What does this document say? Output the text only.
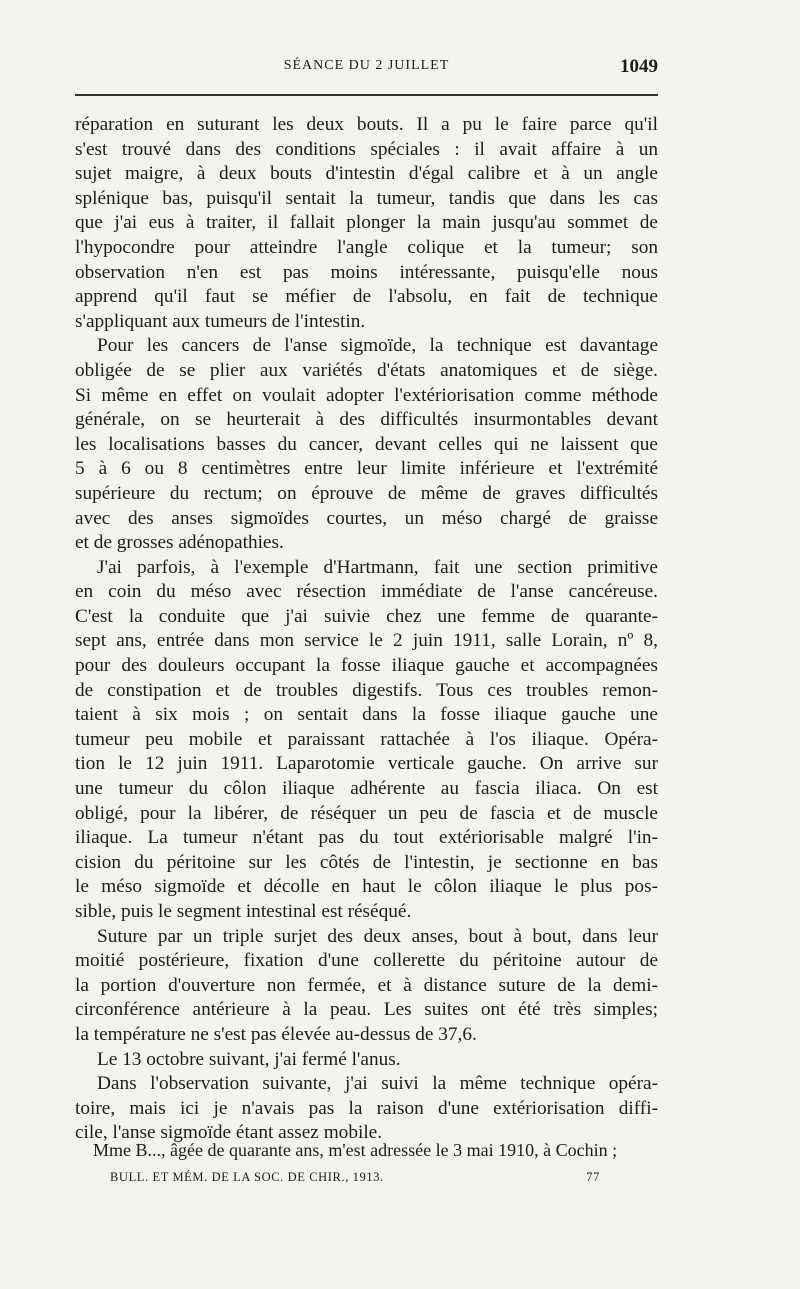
SÉANCE DU 2 JUILLET	1049

réparation en suturant les deux bouts. Il a pu le faire parce qu'il

s'est trouvé dans des conditions spéciales : il avait affaire à un

sujet maigre, à deux bouts d'intestin d'égal calibre et à un angle

splénique bas, puisqu'il sentait la tumeur, tandis que dans les cas

que j'ai eus à traiter, il fallait plonger la main jusqu'au sommet de

l'hypocondre pour atteindre l'angle colique et la tumeur; son

observation n'en est pas moins intéressante, puisqu'elle nous

apprend qu'il faut se méfier de l'absolu, en fait de technique

s'appliquant aux tumeurs de l'intestin.

Pour les cancers de l'anse sigmoïde, la technique est davantage

obligée de se plier aux variétés d'états anatomiques et de siège.

Si même en effet on voulait adopter l'extériorisation comme méthode

générale, on se heurterait à des difficultés insurmontables devant

les localisations basses du cancer, devant celles qui ne laissent que

5 à 6 ou 8 centimètres entre leur limite inférieure et l'extrémité

supérieure du rectum; on éprouve de même de graves difficultés

avec des anses sigmoïdes courtes, un méso chargé de graisse

et de grosses adénopathies.

J'ai parfois, à l'exemple d'Hartmann, fait une section primitive

en coin du méso avec résection immédiate de l'anse cancéreuse.

C'est la conduite que j'ai suivie chez une femme de quarante-

sept ans, entrée dans mon service le 2 juin 1911, salle Lorain, nº 8,

pour des douleurs occupant la fosse iliaque gauche et accompagnées

de constipation et de troubles digestifs. Tous ces troubles remon-

taient à six mois ; on sentait dans la fosse iliaque gauche une

tumeur peu mobile et paraissant rattachée à l'os iliaque. Opéra-

tion le 12 juin 1911. Laparotomie verticale gauche. On arrive sur

une tumeur du côlon iliaque adhérente au fascia iliaca. On est

obligé, pour la libérer, de réséquer un peu de fascia et de muscle

iliaque. La tumeur n'étant pas du tout extériorisable malgré l'in-

cision du péritoine sur les côtés de l'intestin, je sectionne en bas

le méso sigmoïde et décolle en haut le côlon iliaque le plus pos-

sible, puis le segment intestinal est réséqué.

Suture par un triple surjet des deux anses, bout à bout, dans leur

moitié postérieure, fixation d'une collerette du péritoine autour de

la portion d'ouverture non fermée, et à distance suture de la demi-

circonférence antérieure à la peau. Les suites ont été très simples;

la température ne s'est pas élevée au-dessus de 37,6.

Le 13 octobre suivant, j'ai fermé l'anus.

Dans l'observation suivante, j'ai suivi la même technique opéra-

toire, mais ici je n'avais pas la raison d'une extériorisation diffi-

cile, l'anse sigmoïde étant assez mobile.

Mme B..., âgée de quarante ans, m'est adressée le 3 mai 1910, à Cochin ;

BULL. ET MÉM. DE LA SOC. DE CHIR., 1913.	77
